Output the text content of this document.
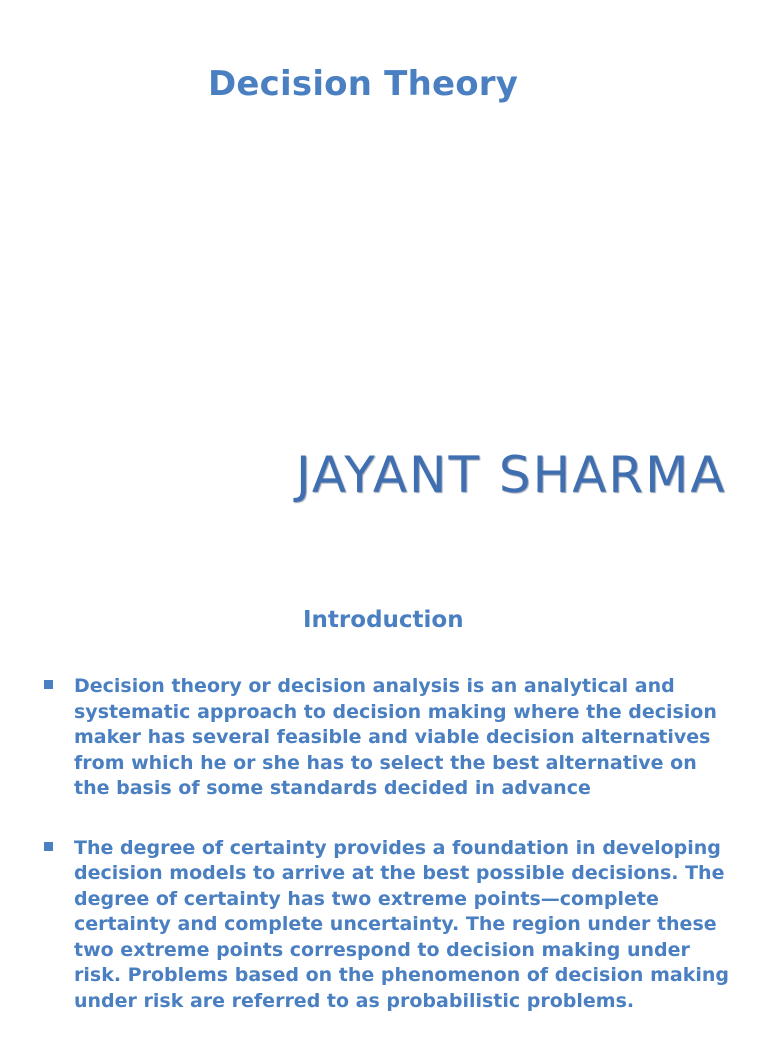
Decision Theory
JAYANT SHARMA
Introduction
Decision theory or decision analysis is an analytical and systematic approach to decision making where the decision maker has several feasible and viable decision alternatives from which he or she has to select the best alternative on the basis of some standards decided in advance
The degree of certainty provides a foundation in developing decision models to arrive at the best possible decisions. The degree of certainty has two extreme points—complete certainty and complete uncertainty. The region under these two extreme points correspond to decision making under risk. Problems based on the phenomenon of decision making under risk are referred to as probabilistic problems.
